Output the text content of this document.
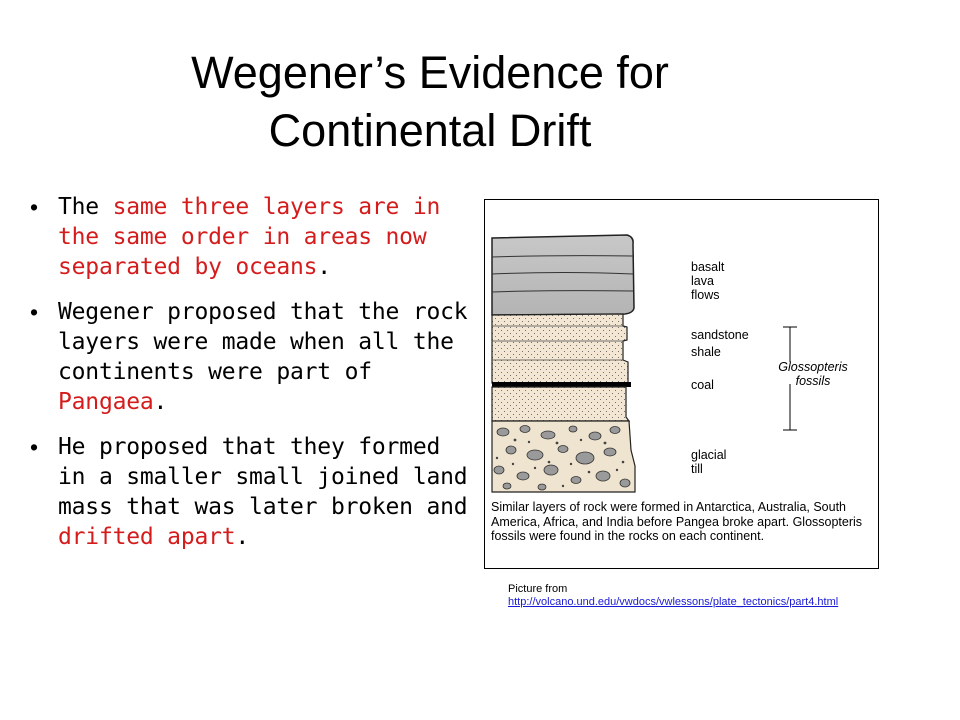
Wegener’s Evidence for
Continental Drift
• The same three layers are in the same order in areas now separated by oceans.
• Wegener proposed that the rock layers were made when all the continents were part of Pangaea.
• He proposed that they formed in a smaller small joined land mass that was later broken and drifted apart.
basalt
lava
flows
sandstone
shale
coal
glacial
till
Glossopteris
fossils
Similar layers of rock were formed in Antarctica, Australia, South America, Africa, and India before Pangea broke apart. Glossopteris fossils were found in the rocks on each continent.
Picture from
http://volcano.und.edu/vwdocs/vwlessons/plate_tectonics/part4.html
